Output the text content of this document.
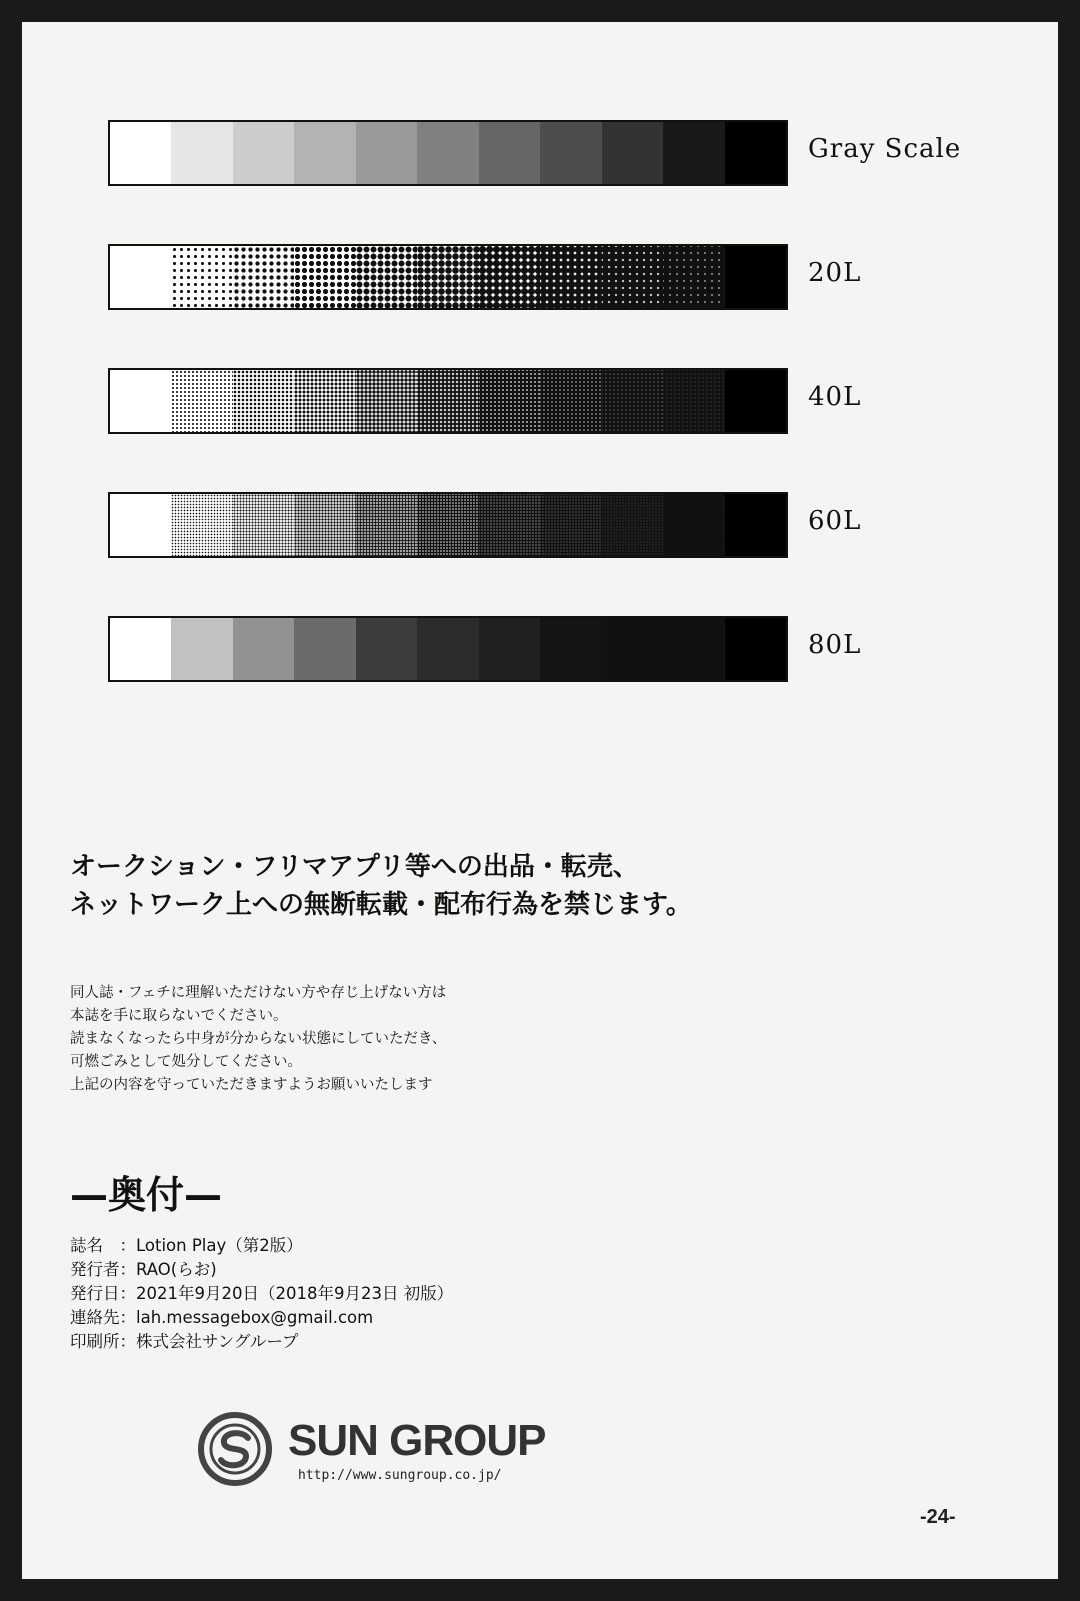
Gray Scale
20L
40L
60L
80L
オークション・フリマアプリ等への出品・転売、
ネットワーク上への無断転載・配布行為を禁じます。
同人誌・フェチに理解いただけない方や存じ上げない方は
本誌を手に取らないでください。
読まなくなったら中身が分からない状態にしていただき、
可燃ごみとして処分してください。
上記の内容を守っていただきますようお願いいたします
—奥付—
誌名　： Lotion Play（第2版）
発行者： RAO(らお)
発行日： 2021年9月20日（2018年9月23日 初版）
連絡先： lah.messagebox@gmail.com
印刷所： 株式会社サングループ
SUN GROUP
http://www.sungroup.co.jp/
-24-
